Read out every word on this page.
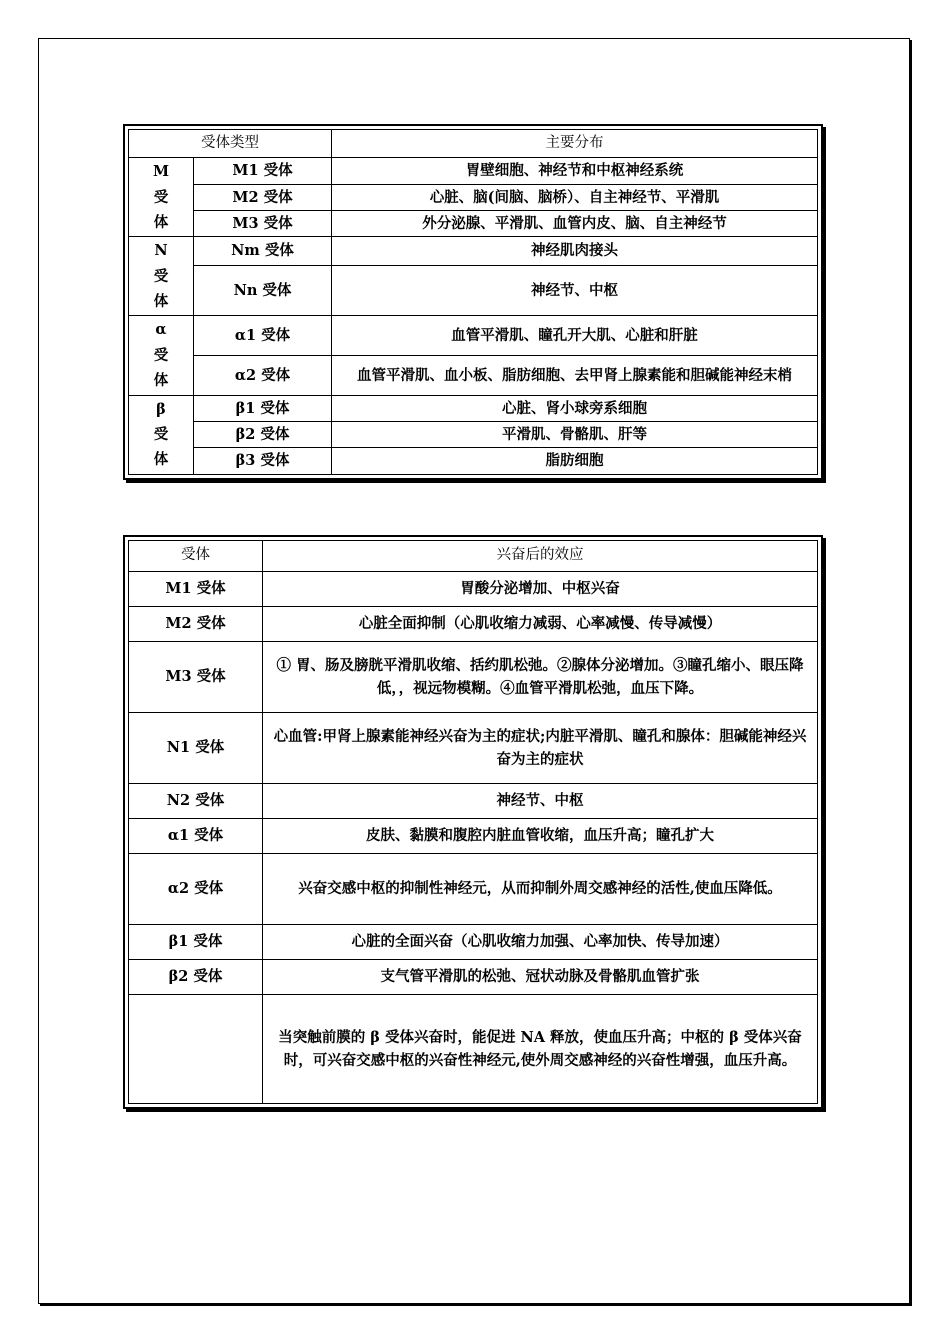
受体类型		主要分布

M
受
体	M1 受体	胃壁细胞、神经节和中枢神经系统
	M2 受体	心脏、脑(间脑、脑桥）、自主神经节、平滑肌
	M3 受体	外分泌腺、平滑肌、血管内皮、脑、自主神经节

N
受
体	Nm 受体	神经肌肉接头
	Nn 受体	神经节、中枢

α
受
体	α1 受体	血管平滑肌、瞳孔开大肌、心脏和肝脏
	α2 受体	血管平滑肌、血小板、脂肪细胞、去甲肾上腺素能和胆碱能神经末梢

β
受
体	β1 受体	心脏、肾小球旁系细胞
	β2 受体	平滑肌、骨骼肌、肝等
	β3 受体	脂肪细胞
受体	兴奋后的效应
M1 受体	胃酸分泌增加、中枢兴奋
M2 受体	心脏全面抑制（心肌收缩力减弱、心率减慢、传导减慢）
M3 受体	① 胃、肠及膀胱平滑肌收缩、括约肌松弛。②腺体分泌增加。③瞳孔缩小、眼压降低，，视远物模糊。④血管平滑肌松弛，血压下降。
N1 受体	心血管:甲肾上腺素能神经兴奋为主的症状;内脏平滑肌、瞳孔和腺体：胆碱能神经兴奋为主的症状
N2 受体	神经节、中枢
α1 受体	皮肤、黏膜和腹腔内脏血管收缩，血压升高；瞳孔扩大
α2 受体	兴奋交感中枢的抑制性神经元，从而抑制外周交感神经的活性,使血压降低。
β1 受体	心脏的全面兴奋（心肌收缩力加强、心率加快、传导加速）
β2 受体	支气管平滑肌的松弛、冠状动脉及骨骼肌血管扩张
	当突触前膜的 β 受体兴奋时，能促进 NA 释放，使血压升高；中枢的 β 受体兴奋时，可兴奋交感中枢的兴奋性神经元,使外周交感神经的兴奋性增强，血压升高。
